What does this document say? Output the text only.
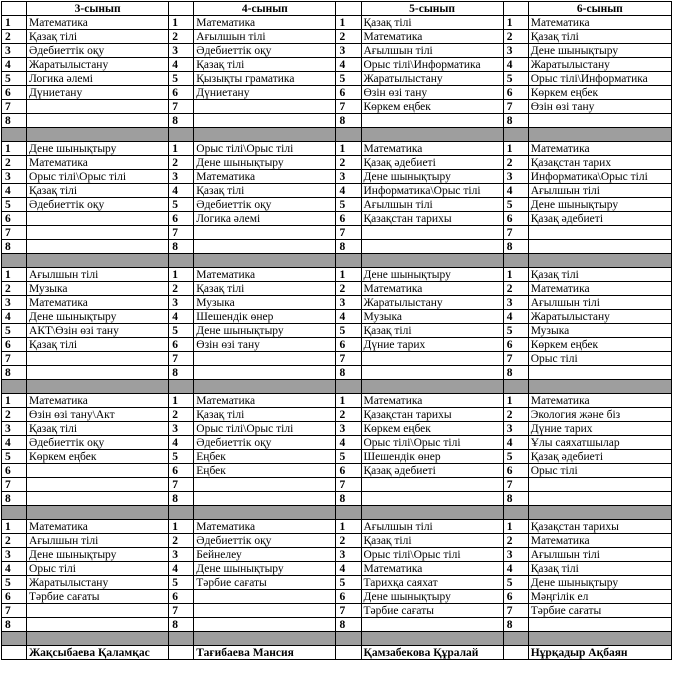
	3-сынып		4-сынып		5-сынып		6-сынып
1	Математика	1	Математика	1	Қазақ тілі	1	Математика
2	Қазақ тілі	2	Ағылшын тілі	2	Математика	2	Қазақ тілі
3	Әдебиеттік оқу	3	Әдебиеттік оқу	3	Ағылшын тілі	3	Дене шынықтыру
4	Жаратылыстану	4	Қазақ тілі	4	Орыс тілі\Информатика	4	Жаратылыстану
5	Логика әлемі	5	Қызықты граматика	5	Жаратылыстану	5	Орыс тілі\Информатика
6	Дүниетану	6	Дүниетану	6	Өзін өзі тану	6	Көркем еңбек
7		7		7	Көркем еңбек	7	Өзін өзі тану
8		8		8		8	

1	Дене шынықтыру	1	Орыс тілі\Орыс тілі	1	Математика	1	Математика
2	Математика	2	Дене шынықтыру	2	Қазақ әдебиеті	2	Қазақстан тарих
3	Орыс тілі\Орыс тілі	3	Математика	3	Дене шынықтыру	3	Информатика\Орыс тілі
4	Қазақ тілі	4	Қазақ тілі	4	Информатика\Орыс тілі	4	Ағылшын тілі
5	Әдебиеттік оқу	5	Әдебиеттік оқу	5	Ағылшын тілі	5	Дене шынықтыру
6		6	Логика әлемі	6	Қазақстан тарихы	6	Қазақ әдебиеті
7		7		7		7	
8		8		8		8	

1	Ағылшын тілі	1	Математика	1	Дене шынықтыру	1	Қазақ тілі
2	Музыка	2	Қазақ тілі	2	Математика	2	Математика
3	Математика	3	Музыка	3	Жаратылыстану	3	Ағылшын тілі
4	Дене шынықтыру	4	Шешендік өнер	4	Музыка	4	Жаратылыстану
5	АКТ\Өзін өзі тану	5	Дене шынықтыру	5	Қазақ тілі	5	Музыка
6	Қазақ тілі	6	Өзін өзі тану	6	Дүние тарих	6	Көркем еңбек
7		7		7		7	Орыс тілі
8		8		8		8	

1	Математика	1	Математика	1	Математика	1	Математика
2	Өзін өзі тану\Акт	2	Қазақ тілі	2	Қазақстан тарихы	2	Экология және біз
3	Қазақ тілі	3	Орыс тілі\Орыс тілі	3	Көркем еңбек	3	Дүние тарих
4	Әдебиеттік оқу	4	Әдебиеттік оқу	4	Орыс тілі\Орыс тілі	4	Ұлы саяхатшылар
5	Көркем еңбек	5	Еңбек	5	Шешендік өнер	5	Қазақ әдебиеті
6		6	Еңбек	6	Қазақ әдебиеті	6	Орыс тілі
7		7		7		7	
8		8		8		8	

1	Математика	1	Математика	1	Ағылшын тілі	1	Қазақстан тарихы
2	Ағылшын тілі	2	Әдебиеттік оқу	2	Қазақ тілі	2	Математика
3	Дене шынықтыру	3	Бейнелеу	3	Орыс тілі\Орыс тілі	3	Ағылшын тілі
4	Орыс тілі	4	Дене шынықтыру	4	Математика	4	Қазақ тілі
5	Жаратылыстану	5	Тәрбие сағаты	5	Тарихқа саяхат	5	Дене шынықтыру
6	Тәрбие сағаты	6		6	Дене шынықтыру	6	Мәңгілік ел
7		7		7	Тәрбие сағаты	7	Тәрбие сағаты
8		8		8		8	

	Жақсыбаева Қаламқас		Тағибаева Мансия		Қамзабекова Құралай		Нұрқадыр Ақбаян
